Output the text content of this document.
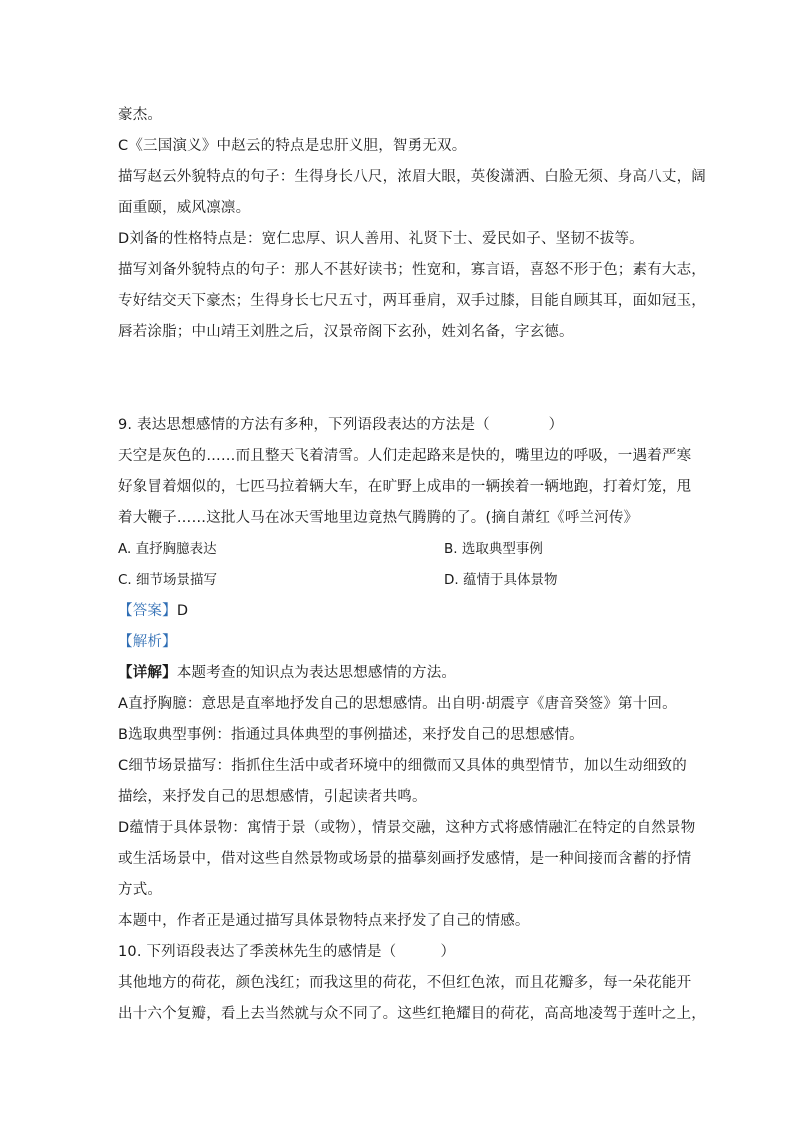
豪杰。
C《三国演义》中赵云的特点是忠肝义胆，智勇无双。
描写赵云外貌特点的句子：生得身长八尺，浓眉大眼，英俊潇洒、白脸无须、身高八丈，阔
面重颐，威风凛凛。
D刘备的性格特点是：宽仁忠厚、识人善用、礼贤下士、爱民如子、坚韧不拔等。
描写刘备外貌特点的句子：那人不甚好读书；性宽和，寡言语，喜怒不形于色；素有大志，
专好结交天下豪杰；生得身长七尺五寸，两耳垂肩，双手过膝，目能自顾其耳，面如冠玉，
唇若涂脂；中山靖王刘胜之后，汉景帝阁下玄孙，姓刘名备，字玄德。
9. 表达思想感情的方法有多种，下列语段表达的方法是（　　　　）
天空是灰色的……而且整天飞着清雪。人们走起路来是快的，嘴里边的呼吸，一遇着严寒
好象冒着烟似的，七匹马拉着辆大车，在旷野上成串的一辆挨着一辆地跑，打着灯笼，甩
着大鞭子……这批人马在冰天雪地里边竟热气腾腾的了。(摘自萧红《呼兰河传》
A. 直抒胸臆表达	B. 选取典型事例
C. 细节场景描写	D. 蕴情于具体景物
【答案】D
【解析】
【详解】本题考查的知识点为表达思想感情的方法。
A直抒胸臆：意思是直率地抒发自己的思想感情。出自明·胡震亨《唐音癸签》第十回。
B选取典型事例：指通过具体典型的事例描述，来抒发自己的思想感情。
C细节场景描写：指抓住生活中或者环境中的细微而又具体的典型情节，加以生动细致的
描绘，来抒发自己的思想感情，引起读者共鸣。
D蕴情于具体景物：寓情于景（或物），情景交融，这种方式将感情融汇在特定的自然景物
或生活场景中，借对这些自然景物或场景的描摹刻画抒发感情，是一种间接而含蓄的抒情
方式。
本题中，作者正是通过描写具体景物特点来抒发了自己的情感。
10. 下列语段表达了季羡林先生的感情是（　　　）
其他地方的荷花，颜色浅红；而我这里的荷花，不但红色浓，而且花瓣多，每一朵花能开
出十六个复瓣，看上去当然就与众不同了。这些红艳耀目的荷花，高高地凌驾于莲叶之上，
